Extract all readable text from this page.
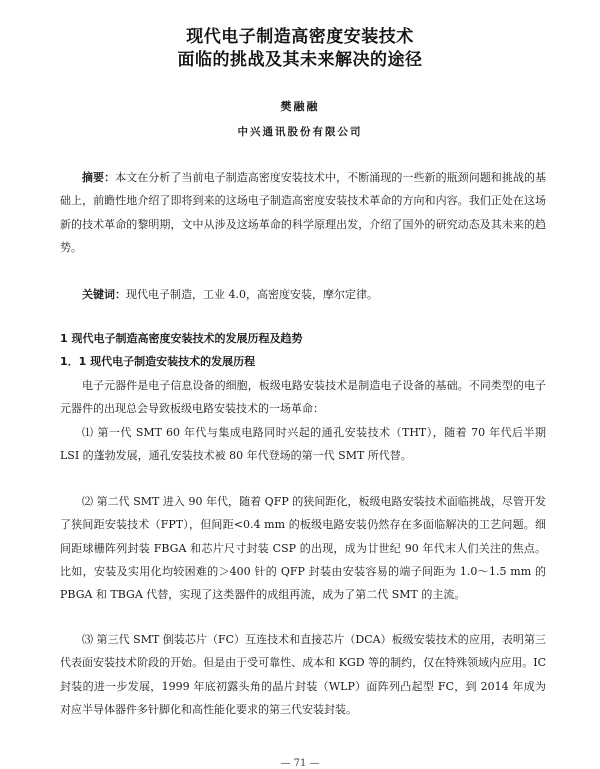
现代电子制造高密度安装技术
面临的挑战及其未来解决的途径
樊融融
中兴通讯股份有限公司

摘要：本文在分析了当前电子制造高密度安装技术中，不断涌现的一些新的瓶颈问题和挑战的基础上，前瞻性地介绍了即将到来的这场电子制造高密度安装技术革命的方向和内容。我们正处在这场新的技术革命的黎明期，文中从涉及这场革命的科学原理出发，介绍了国外的研究动态及其未来的趋势。

关键词：现代电子制造，工业 4.0，高密度安装，摩尔定律。

1 现代电子制造高密度安装技术的发展历程及趋势
1．1 现代电子制造安装技术的发展历程

电子元器件是电子信息设备的细胞，板级电路安装技术是制造电子设备的基础。不同类型的电子元器件的出现总会导致板级电路安装技术的一场革命：

⑴ 第一代 SMT 60 年代与集成电路同时兴起的通孔安装技术（THT），随着 70 年代后半期 LSI 的蓬勃发展，通孔安装技术被 80 年代登场的第一代 SMT 所代替。

⑵ 第二代 SMT 进入 90 年代，随着 QFP 的狭间距化，板级电路安装技术面临挑战，尽管开发了狭间距安装技术（FPT），但间距<0.4 mm 的板级电路安装仍然存在多面临解决的工艺问题。细间距球栅阵列封装 FBGA 和芯片尺寸封装 CSP 的出现，成为廿世纪 90 年代末人们关注的焦点。比如，安装及实用化均较困难的＞400 针的 QFP 封装由安装容易的端子间距为 1.0～1.5 mm 的 PBGA 和 TBGA 代替，实现了这类器件的成组再流，成为了第二代 SMT 的主流。

⑶ 第三代 SMT 倒装芯片（FC）互连技术和直接芯片（DCA）板级安装技术的应用，表明第三代表面安装技术阶段的开始。但是由于受可靠性、成本和 KGD 等的制约，仅在特殊领域内应用。IC 封装的进一步发展，1999 年底初露头角的晶片封装（WLP）面阵列凸起型 FC，到 2014 年成为对应半导体器件多针脚化和高性能化要求的第三代安装封装。

— 71 —
